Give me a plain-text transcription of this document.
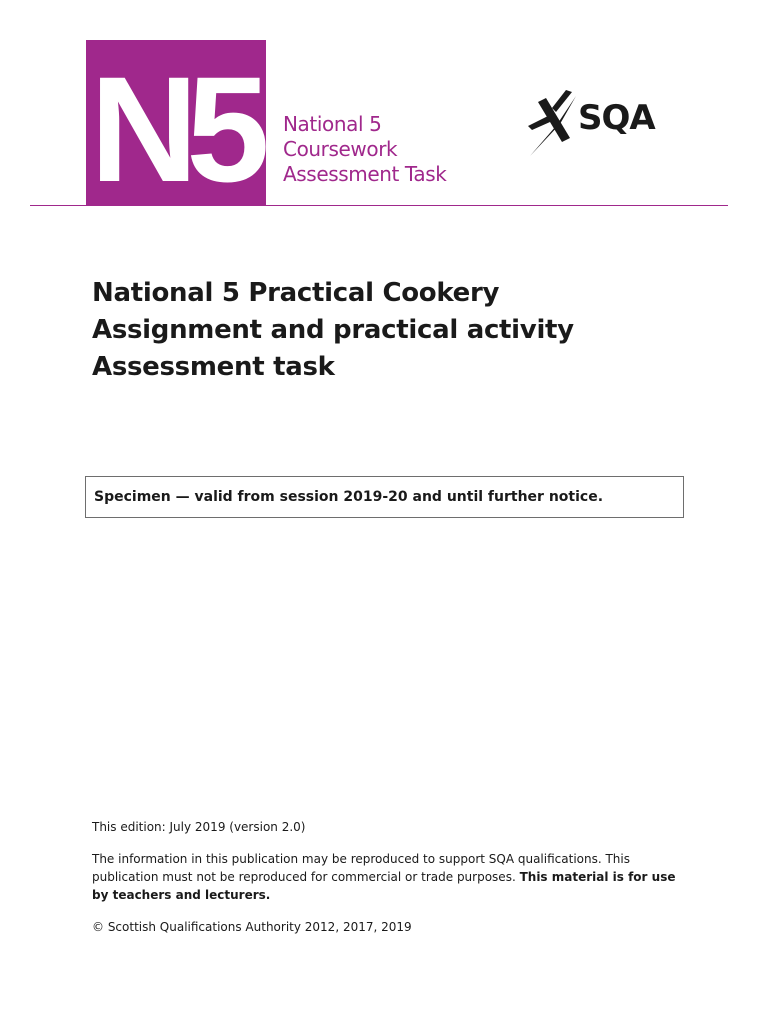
N5 National 5
Coursework
Assessment Task
SQA
National 5 Practical Cookery
Assignment and practical activity
Assessment task
Specimen — valid from session 2019-20 and until further notice.

This edition: July 2019 (version 2.0)

The information in this publication may be reproduced to support SQA qualifications. This publication must not be reproduced for commercial or trade purposes. This material is for use by teachers and lecturers.

© Scottish Qualifications Authority 2012, 2017, 2019
